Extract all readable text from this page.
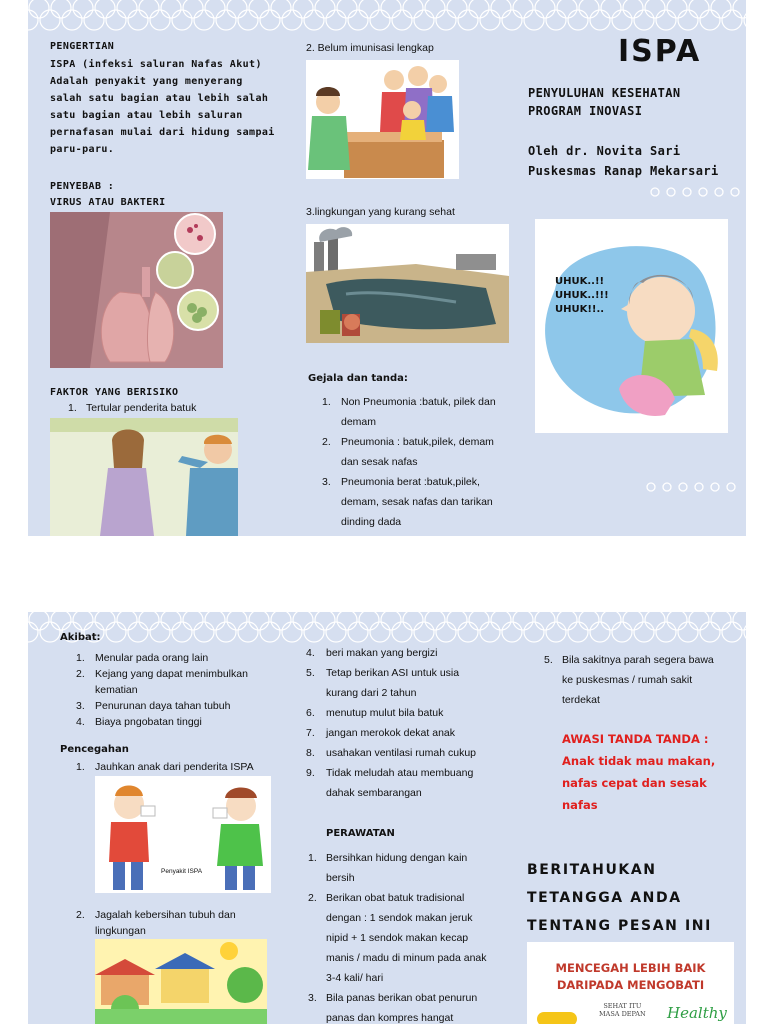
PENGERTIAN

ISPA (infeksi saluran Nafas Akut)

Adalah penyakit yang menyerang

salah satu bagian atau lebih salah

satu bagian atau lebih saluran

pernafasan mulai dari hidung sampai

paru-paru.

PENYEBAB :

VIRUS ATAU BAKTERI

FAKTOR YANG BERISIKO

1. Tertular penderita batuk

2. Belum imunisasi lengkap

3.lingkungan yang kurang sehat

Gejala dan tanda:

1. Non Pneumonia :batuk, pilek dan
demam
2. Pneumonia : batuk,pilek, demam
dan sesak nafas
3. Pneumonia berat :batuk,pilek,
demam, sesak nafas dan tarikan
dinding dada

ISPA

PENYULUHAN KESEHATAN

PROGRAM INOVASI

Oleh dr. Novita Sari

Puskesmas Ranap Mekarsari

UHUK..!!

UHUK..!!!

UHUK!!..

Akibat:

1. Menular pada orang lain
2. Kejang yang dapat menimbulkan
kematian
3. Penurunan daya tahan tubuh
4. Biaya pngobatan tinggi

Pencegahan

1. Jauhkan anak dari penderita ISPA

Penyakit ISPA

2. Jagalah kebersihan tubuh dan

lingkungan

4. beri makan yang bergizi
5. Tetap berikan ASI untuk usia
kurang dari 2 tahun
6. menutup mulut bila batuk
7. jangan merokok dekat anak
8. usahakan ventilasi rumah cukup
9. Tidak meludah atau membuang
dahak sembarangan

PERAWATAN

1. Bersihkan hidung dengan kain
bersih
2. Berikan obat batuk tradisional
dengan : 1 sendok makan jeruk
nipid + 1 sendok makan kecap
manis / madu di minum pada anak
3-4 kali/ hari
3. Bila panas berikan obat penurun
panas dan kompres hangat
5. Bila sakitnya parah segera bawa
ke puskesmas / rumah sakit
terdekat
AWASI TANDA TANDA :
Anak tidak mau makan,
nafas cepat dan sesak
nafas
BERITAHUKAN
TETANGGA ANDA
TENTANG PESAN INI
MENCEGAH LEBIH BAIK
DARIPADA MENGOBATI
SEHAT ITU
MASA DEPAN Healthy
